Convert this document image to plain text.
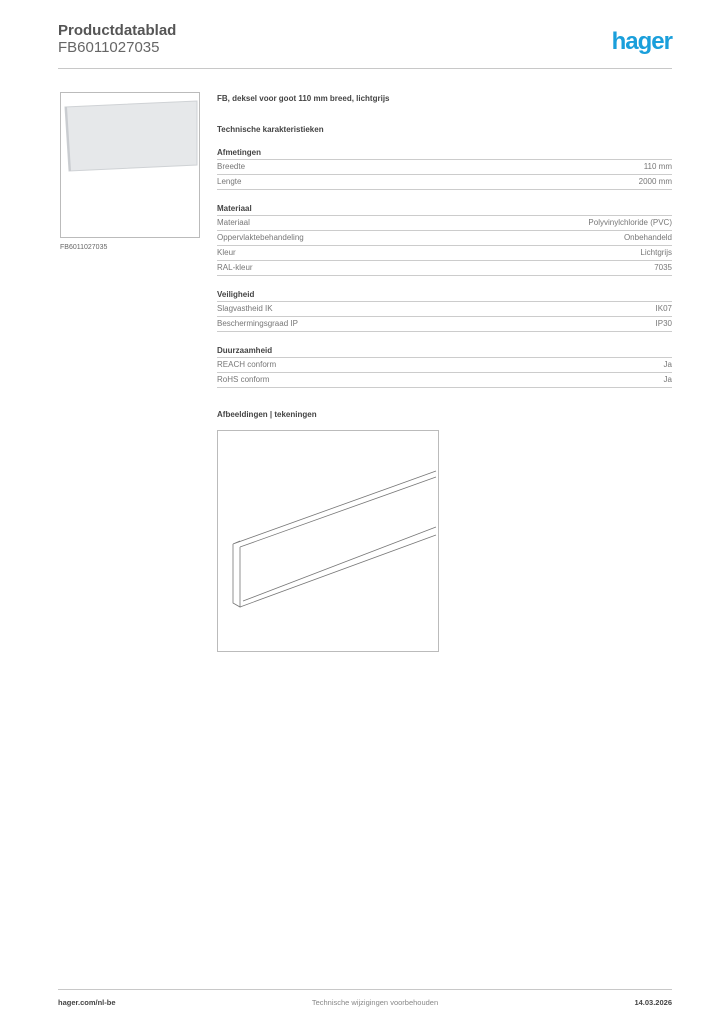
Productdatablad
FB6011027035	hager
FB6011027035
FB, deksel voor goot 110 mm breed, lichtgrijs
Technische karakteristieken
Afmetingen
Breedte	110 mm
Lengte	2000 mm
Materiaal
Materiaal	Polyvinylchloride (PVC)
Oppervlaktebehandeling	Onbehandeld
Kleur	Lichtgrijs
RAL-kleur	7035
Veiligheid
Slagvastheid IK	IK07
Beschermingsgraad IP	IP30
Duurzaamheid
REACH conform	Ja
RoHS conform	Ja
Afbeeldingen | tekeningen
hager.com/nl-be	Technische wijzigingen voorbehouden	14.03.2026
